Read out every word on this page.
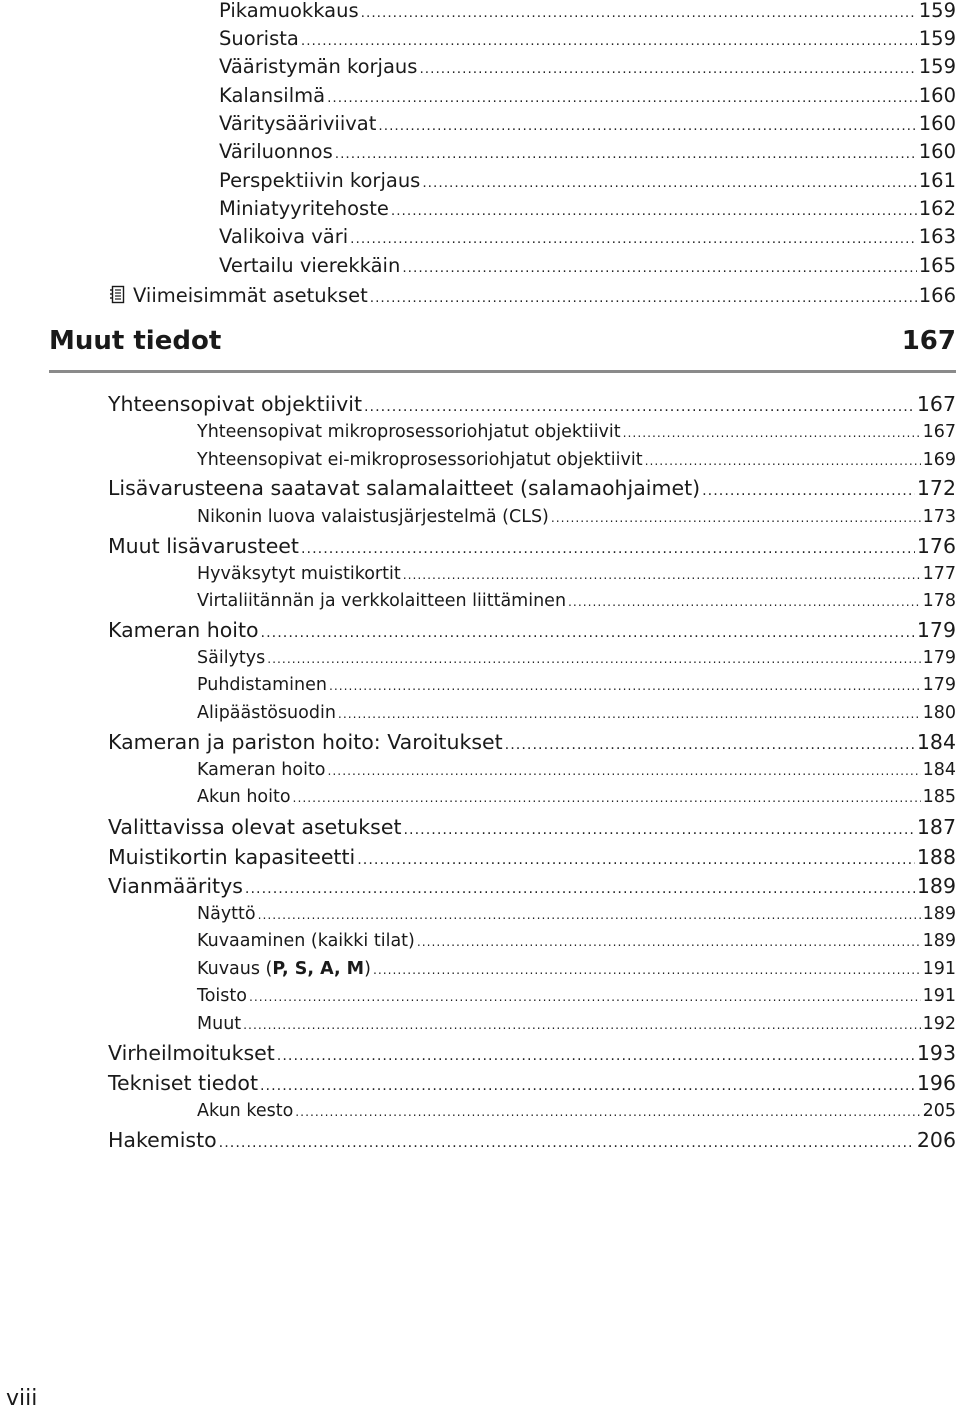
Pikamuokkaus .....	159
Suorista .....	159
Vääristymän korjaus .....	159
Kalansilmä .....	160
Väritysääriviivat .....	160
Väriluonnos .....	160
Perspektiivin korjaus .....	161
Miniatyyritehoste .....	162
Valikoiva väri .....	163
Vertailu vierekkäin .....	165
Viimeisimmät asetukset .....	166
Muut tiedot	167
Yhteensopivat objektiivit .....	167
Yhteensopivat mikroprosessoriohjatut objektiivit .....	167
Yhteensopivat ei-mikroprosessoriohjatut objektiivit .....	169
Lisävarusteena saatavat salamalaitteet (salamaohjaimet) .....	172
Nikonin luova valaistusjärjestelmä (CLS) .....	173
Muut lisävarusteet .....	176
Hyväksytyt muistikortit .....	177
Virtaliitännän ja verkkolaitteen liittäminen .....	178
Kameran hoito .....	179
Säilytys .....	179
Puhdistaminen .....	179
Alipäästösuodin .....	180
Kameran ja pariston hoito: Varoitukset .....	184
Kameran hoito .....	184
Akun hoito .....	185
Valittavissa olevat asetukset .....	187
Muistikortin kapasiteetti .....	188
Vianmääritys .....	189
Näyttö .....	189
Kuvaaminen (kaikki tilat) .....	189
Kuvaus (P, S, A, M) .....	191
Toisto .....	191
Muut .....	192
Virheilmoitukset .....	193
Tekniset tiedot .....	196
Akun kesto .....	205
Hakemisto .....	206
viii
